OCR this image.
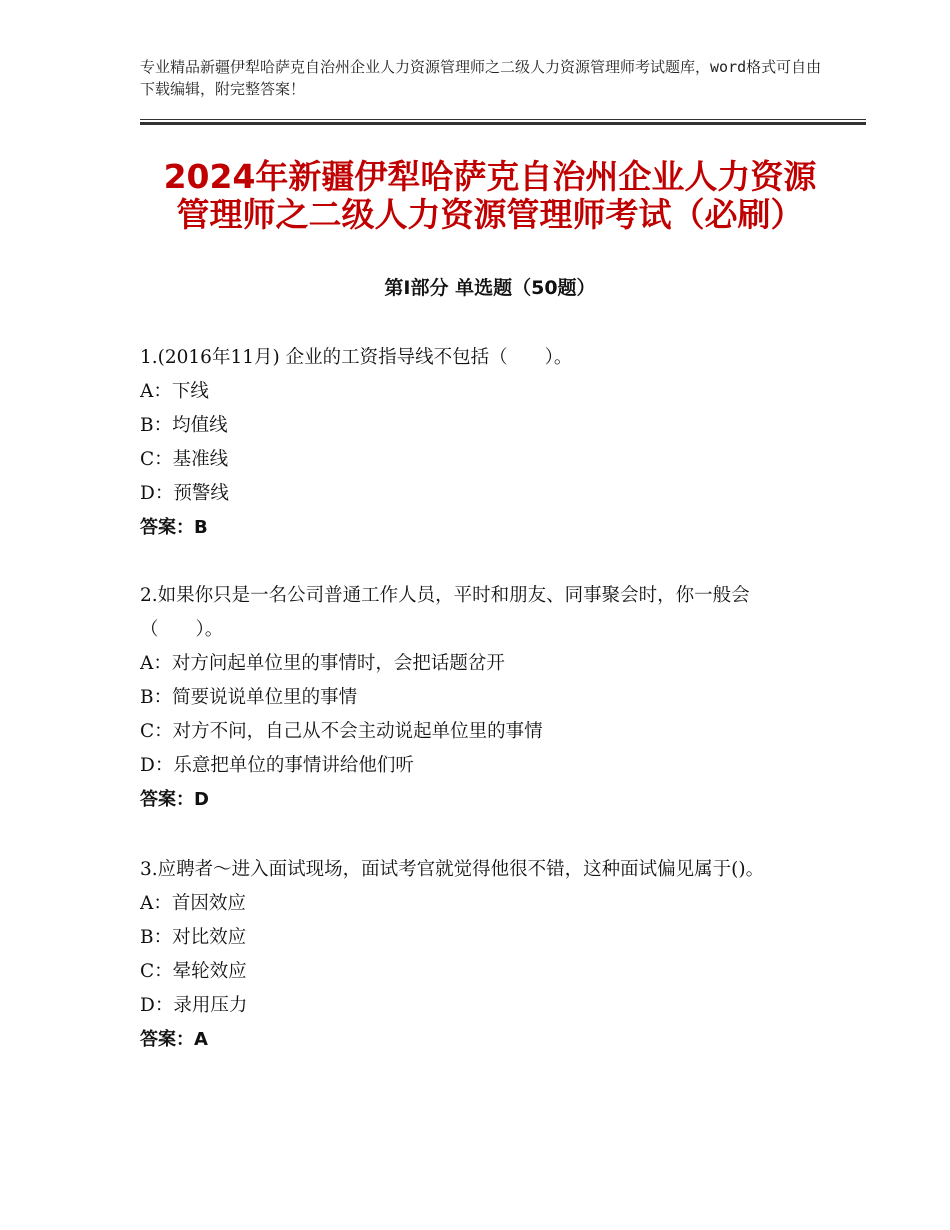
专业精品新疆伊犁哈萨克自治州企业人力资源管理师之二级人力资源管理师考试题库，word格式可自由下载编辑，附完整答案！
2024年新疆伊犁哈萨克自治州企业人力资源
管理师之二级人力资源管理师考试（必刷）
第Ⅰ部分 单选题（50题）
1.(2016年11月) 企业的工资指导线不包括（　　）。
A：下线
B：均值线
C：基准线
D：预警线
答案：B
2.如果你只是一名公司普通工作人员，平时和朋友、同事聚会时，你一般会（　　）。
A：对方问起单位里的事情时，会把话题岔开
B：简要说说单位里的事情
C：对方不问，自己从不会主动说起单位里的事情
D：乐意把单位的事情讲给他们听
答案：D
3.应聘者～进入面试现场，面试考官就觉得他很不错，这种面试偏见属于()。
A：首因效应
B：对比效应
C：晕轮效应
D：录用压力
答案：A
